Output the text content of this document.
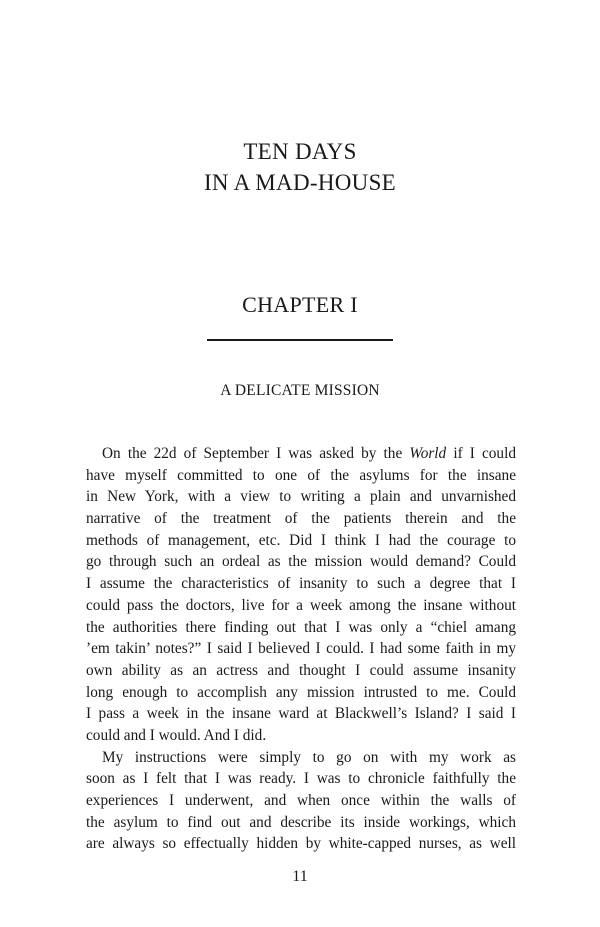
TEN DAYS
IN A MAD-HOUSE
CHAPTER I
A DELICATE MISSION
On the 22d of September I was asked by the World if I could
have myself committed to one of the asylums for the insane
in New York, with a view to writing a plain and unvarnished
narrative of the treatment of the patients therein and the
methods of management, etc. Did I think I had the courage to
go through such an ordeal as the mission would demand? Could
I assume the characteristics of insanity to such a degree that I
could pass the doctors, live for a week among the insane without
the authorities there finding out that I was only a “chiel amang
’em takin’ notes?” I said I believed I could. I had some faith in my
own ability as an actress and thought I could assume insanity
long enough to accomplish any mission intrusted to me. Could
I pass a week in the insane ward at Blackwell’s Island? I said I
could and I would. And I did.
My instructions were simply to go on with my work as
soon as I felt that I was ready. I was to chronicle faithfully the
experiences I underwent, and when once within the walls of
the asylum to find out and describe its inside workings, which
are always so effectually hidden by white-capped nurses, as well
11
